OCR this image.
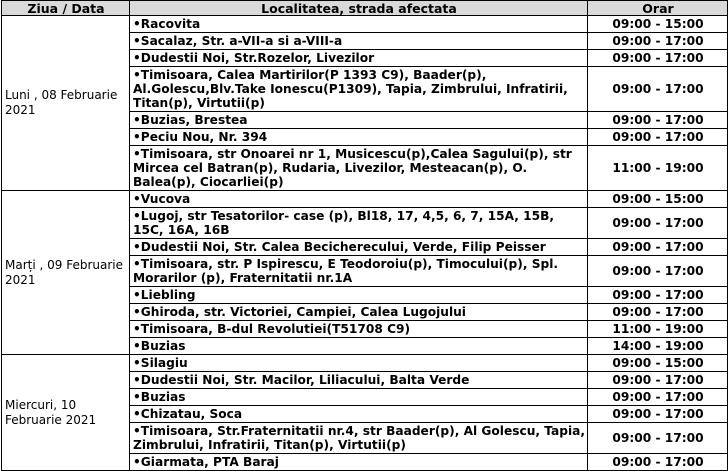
Ziua / Data	Localitatea, strada afectata	Orar
Luni , 08 Februarie 2021	•Racovita	09:00 - 15:00
	•Sacalaz, Str. a-VII-a si a-VIII-a	09:00 - 17:00
	•Dudestii Noi, Str.Rozelor, Livezilor	09:00 - 17:00
	•Timisoara, Calea Martirilor(P 1393 C9), Baader(p), Al.Golescu,Blv.Take Ionescu(P1309), Tapia, Zimbrului, Infratirii, Titan(p), Virtutii(p)	09:00 - 17:00
	•Buzias, Brestea	09:00 - 17:00
	•Peciu Nou, Nr. 394	09:00 - 17:00
	•Timisoara, str Onoarei nr 1, Musicescu(p),Calea Sagului(p), str Mircea cel Batran(p), Rudaria, Livezilor, Mesteacan(p), O. Balea(p), Ciocarliei(p)	11:00 - 19:00
Marți , 09 Februarie 2021	•Vucova	09:00 - 15:00
	•Lugoj, str Tesatorilor- case (p), Bl18, 17, 4,5, 6, 7, 15A, 15B, 15C, 16A, 16B	09:00 - 17:00
	•Dudestii Noi, Str. Calea Becicherecului, Verde, Filip Peisser	09:00 - 17:00
	•Timisoara, str. P Ispirescu, E Teodoroiu(p), Timocului(p), Spl. Morarilor (p), Fraternitatii nr.1A	09:00 - 17:00
	•Liebling	09:00 - 17:00
	•Ghiroda, str. Victoriei, Campiei, Calea Lugojului	09:00 - 17:00
	•Timisoara, B-dul Revolutiei(T51708 C9)	11:00 - 19:00
	•Buzias	14:00 - 19:00
Miercuri, 10 Februarie 2021	•Silagiu	09:00 - 15:00
	•Dudestii Noi, Str. Macilor, Liliacului, Balta Verde	09:00 - 17:00
	•Buzias	09:00 - 17:00
	•Chizatau, Soca	09:00 - 17:00
	•Timisoara, Str.Fraternitatii nr.4, str Baader(p), Al Golescu, Tapia, Zimbrului, Infratirii, Titan(p), Virtutii(p)	09:00 - 17:00
	•Giarmata, PTA Baraj	09:00 - 17:00
